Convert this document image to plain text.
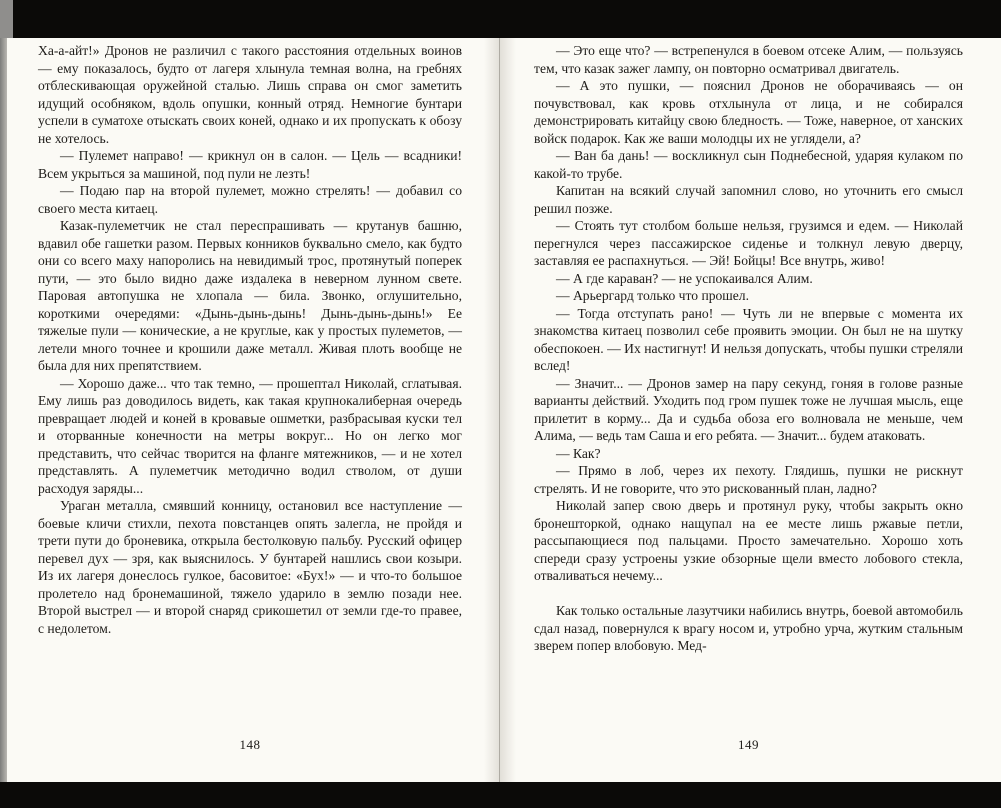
Ха-а-айт!» Дронов не различил с такого расстояния отдельных воинов — ему показалось, будто от лагеря хлынула темная волна, на гребнях отблескивающая оружейной сталью. Лишь справа он смог заметить идущий особняком, вдоль опушки, конный отряд. Немногие бунтари успели в суматохе отыскать своих коней, однако и их пропускать к обозу не хотелось.

— Пулемет направо! — крикнул он в салон. — Цель — всадники! Всем укрыться за машиной, под пули не лезть!

— Подаю пар на второй пулемет, можно стрелять! — добавил со своего места китаец.

Казак-пулеметчик не стал переспрашивать — крутанув башню, вдавил обе гашетки разом. Первых конников буквально смело, как будто они со всего маху напоролись на невидимый трос, протянутый поперек пути, — это было видно даже издалека в неверном лунном свете. Паровая автопушка не хлопала — била. Звонко, оглушительно, короткими очередями: «Дынь-дынь-дынь! Дынь-дынь-дынь!» Ее тяжелые пули — конические, а не круглые, как у простых пулеметов, — летели много точнее и крошили даже металл. Живая плоть вообще не была для них препятствием.

— Хорошо даже... что так темно, — прошептал Николай, сглатывая. Ему лишь раз доводилось видеть, как такая крупнокалиберная очередь превращает людей и коней в кровавые ошметки, разбрасывая куски тел и оторванные конечности на метры вокруг... Но он легко мог представить, что сейчас творится на фланге мятежников, — и не хотел представлять. А пулеметчик методично водил стволом, от души расходуя заряды...

Ураган металла, смявший конницу, остановил все наступление — боевые кличи стихли, пехота повстанцев опять залегла, не пройдя и трети пути до броневика, открыла бестолковую пальбу. Русский офицер перевел дух — зря, как выяснилось. У бунтарей нашлись свои козыри. Из их лагеря донеслось гулкое, басовитое: «Бух!» — и что-то большое пролетело над бронемашиной, тяжело ударило в землю позади нее. Второй выстрел — и второй снаряд срикошетил от земли где-то правее, с недолетом.

— Это еще что? — встрепенулся в боевом отсеке Алим, — пользуясь тем, что казак зажег лампу, он повторно осматривал двигатель.

— А это пушки, — пояснил Дронов не оборачиваясь — он почувствовал, как кровь отхлынула от лица, и не собирался демонстрировать китайцу свою бледность. — Тоже, наверное, от ханских войск подарок. Как же ваши молодцы их не углядели, а?

— Ван ба дань! — воскликнул сын Поднебесной, ударяя кулаком по какой-то трубе.

Капитан на всякий случай запомнил слово, но уточнить его смысл решил позже.

— Стоять тут столбом больше нельзя, грузимся и едем. — Николай перегнулся через пассажирское сиденье и толкнул левую дверцу, заставляя ее распахнуться. — Эй! Бойцы! Все внутрь, живо!

— А где караван? — не успокаивался Алим.

— Арьергард только что прошел.

— Тогда отступать рано! — Чуть ли не впервые с момента их знакомства китаец позволил себе проявить эмоции. Он был не на шутку обеспокоен. — Их настигнут! И нельзя допускать, чтобы пушки стреляли вслед!

— Значит... — Дронов замер на пару секунд, гоняя в голове разные варианты действий. Уходить под гром пушек тоже не лучшая мысль, еще прилетит в корму... Да и судьба обоза его волновала не меньше, чем Алима, — ведь там Саша и его ребята. — Значит... будем атаковать.

— Как?

— Прямо в лоб, через их пехоту. Глядишь, пушки не рискнут стрелять. И не говорите, что это рискованный план, ладно?

Николай запер свою дверь и протянул руку, чтобы закрыть окно бронешторкой, однако нащупал на ее месте лишь ржавые петли, рассыпающиеся под пальцами. Просто замечательно. Хорошо хоть спереди сразу устроены узкие обзорные щели вместо лобового стекла, отваливаться нечему...

Как только остальные лазутчики набились внутрь, боевой автомобиль сдал назад, повернулся к врагу носом и, утробно урча, жутким стальным зверем попер влобовую. Мед-

148	149
